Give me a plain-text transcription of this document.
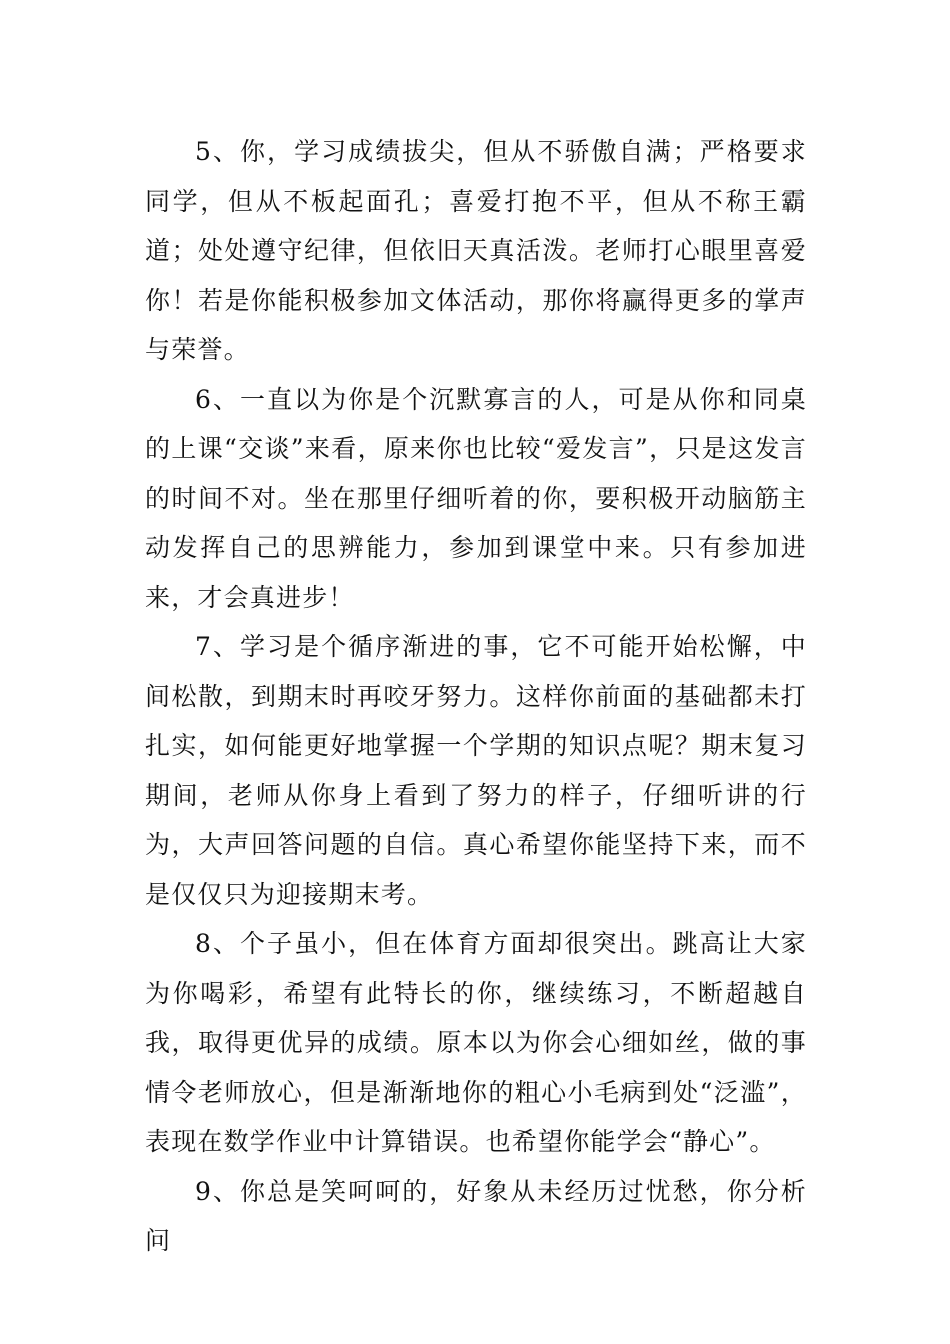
5、你，学习成绩拔尖，但从不骄傲自满；严格要求同学，但从不板起面孔；喜爱打抱不平，但从不称王霸道；处处遵守纪律，但依旧天真活泼。老师打心眼里喜爱你！若是你能积极参加文体活动，那你将赢得更多的掌声与荣誉。

6、一直以为你是个沉默寡言的人，可是从你和同桌的上课“交谈”来看，原来你也比较“爱发言”，只是这发言的时间不对。坐在那里仔细听着的你，要积极开动脑筋主动发挥自己的思辨能力，参加到课堂中来。只有参加进来，才会真进步！

7、学习是个循序渐进的事，它不可能开始松懈，中间松散，到期末时再咬牙努力。这样你前面的基础都未打扎实，如何能更好地掌握一个学期的知识点呢？期末复习期间，老师从你身上看到了努力的样子，仔细听讲的行为，大声回答问题的自信。真心希望你能坚持下来，而不是仅仅只为迎接期末考。

8、个子虽小，但在体育方面却很突出。跳高让大家为你喝彩，希望有此特长的你，继续练习，不断超越自我，取得更优异的成绩。原本以为你会心细如丝，做的事情令老师放心，但是渐渐地你的粗心小毛病到处“泛滥”，表现在数学作业中计算错误。也希望你能学会“静心”。

9、你总是笑呵呵的，好象从未经历过忧愁，你分析问
